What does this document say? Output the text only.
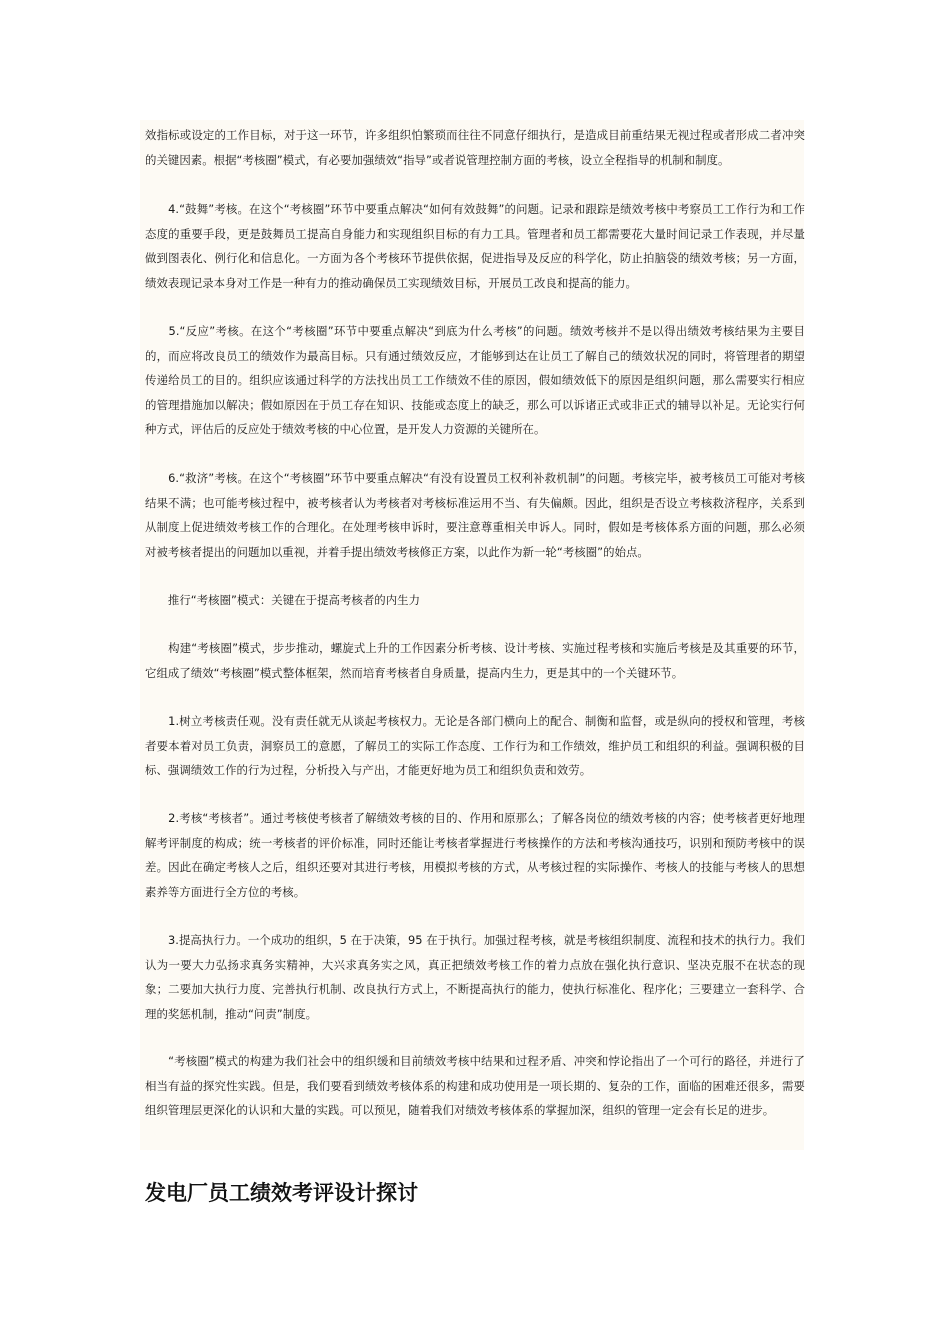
效指标或设定的工作目标，对于这一环节，许多组织怕繁琐而往往不同意仔细执行，是造成目前重结果无视过程或者形成二者冲突的关键因素。根据“考核圈”模式，有必要加强绩效“指导”或者说管理控制方面的考核，设立全程指导的机制和制度。

　　4.“鼓舞”考核。在这个“考核圈”环节中要重点解决“如何有效鼓舞”的问题。记录和跟踪是绩效考核中考察员工工作行为和工作态度的重要手段，更是鼓舞员工提高自身能力和实现组织目标的有力工具。管理者和员工都需要花大量时间记录工作表现，并尽量做到图表化、例行化和信息化。一方面为各个考核环节提供依据，促进指导及反应的科学化，防止拍脑袋的绩效考核；另一方面，绩效表现记录本身对工作是一种有力的推动确保员工实现绩效目标，开展员工改良和提高的能力。

　　5.“反应”考核。在这个“考核圈”环节中要重点解决“到底为什么考核”的问题。绩效考核并不是以得出绩效考核结果为主要目的，而应将改良员工的绩效作为最高目标。只有通过绩效反应，才能够到达在让员工了解自己的绩效状况的同时，将管理者的期望传递给员工的目的。组织应该通过科学的方法找出员工工作绩效不佳的原因，假如绩效低下的原因是组织问题，那么需要实行相应的管理措施加以解决；假如原因在于员工存在知识、技能或态度上的缺乏，那么可以诉诸正式或非正式的辅导以补足。无论实行何种方式，评估后的反应处于绩效考核的中心位置，是开发人力资源的关键所在。

　　6.“救济”考核。在这个“考核圈”环节中要重点解决“有没有设置员工权利补救机制”的问题。考核完毕，被考核员工可能对考核结果不满；也可能考核过程中，被考核者认为考核者对考核标准运用不当、有失偏颇。因此，组织是否设立考核救济程序，关系到从制度上促进绩效考核工作的合理化。在处理考核申诉时，要注意尊重相关申诉人。同时，假如是考核体系方面的问题，那么必须对被考核者提出的问题加以重视，并着手提出绩效考核修正方案，以此作为新一轮“考核圈”的始点。

　　推行“考核圈”模式：关键在于提高考核者的内生力

　　构建“考核圈”模式，步步推动，螺旋式上升的工作因素分析考核、设计考核、实施过程考核和实施后考核是及其重要的环节，它组成了绩效“考核圈”模式整体框架，然而培育考核者自身质量，提高内生力，更是其中的一个关键环节。

　　1.树立考核责任观。没有责任就无从谈起考核权力。无论是各部门横向上的配合、制衡和监督，或是纵向的授权和管理，考核者要本着对员工负责，洞察员工的意愿，了解员工的实际工作态度、工作行为和工作绩效，维护员工和组织的利益。强调积极的目标、强调绩效工作的行为过程，分析投入与产出，才能更好地为员工和组织负责和效劳。

　　2.考核“考核者”。通过考核使考核者了解绩效考核的目的、作用和原那么；了解各岗位的绩效考核的内容；使考核者更好地理解考评制度的构成；统一考核者的评价标准，同时还能让考核者掌握进行考核操作的方法和考核沟通技巧，识别和预防考核中的误差。因此在确定考核人之后，组织还要对其进行考核，用模拟考核的方式，从考核过程的实际操作、考核人的技能与考核人的思想素养等方面进行全方位的考核。

　　3.提高执行力。一个成功的组织，5 在于决策，95 在于执行。加强过程考核，就是考核组织制度、流程和技术的执行力。我们认为一要大力弘扬求真务实精神，大兴求真务实之风，真正把绩效考核工作的着力点放在强化执行意识、坚决克服不在状态的现象；二要加大执行力度、完善执行机制、改良执行方式上，不断提高执行的能力，使执行标准化、程序化；三要建立一套科学、合理的奖惩机制，推动“问责”制度。

　　“考核圈”模式的构建为我们社会中的组织缓和目前绩效考核中结果和过程矛盾、冲突和悖论指出了一个可行的路径，并进行了相当有益的探究性实践。但是，我们要看到绩效考核体系的构建和成功使用是一项长期的、复杂的工作，面临的困难还很多，需要组织管理层更深化的认识和大量的实践。可以预见，随着我们对绩效考核体系的掌握加深，组织的管理一定会有长足的进步。

发电厂员工绩效考评设计探讨
